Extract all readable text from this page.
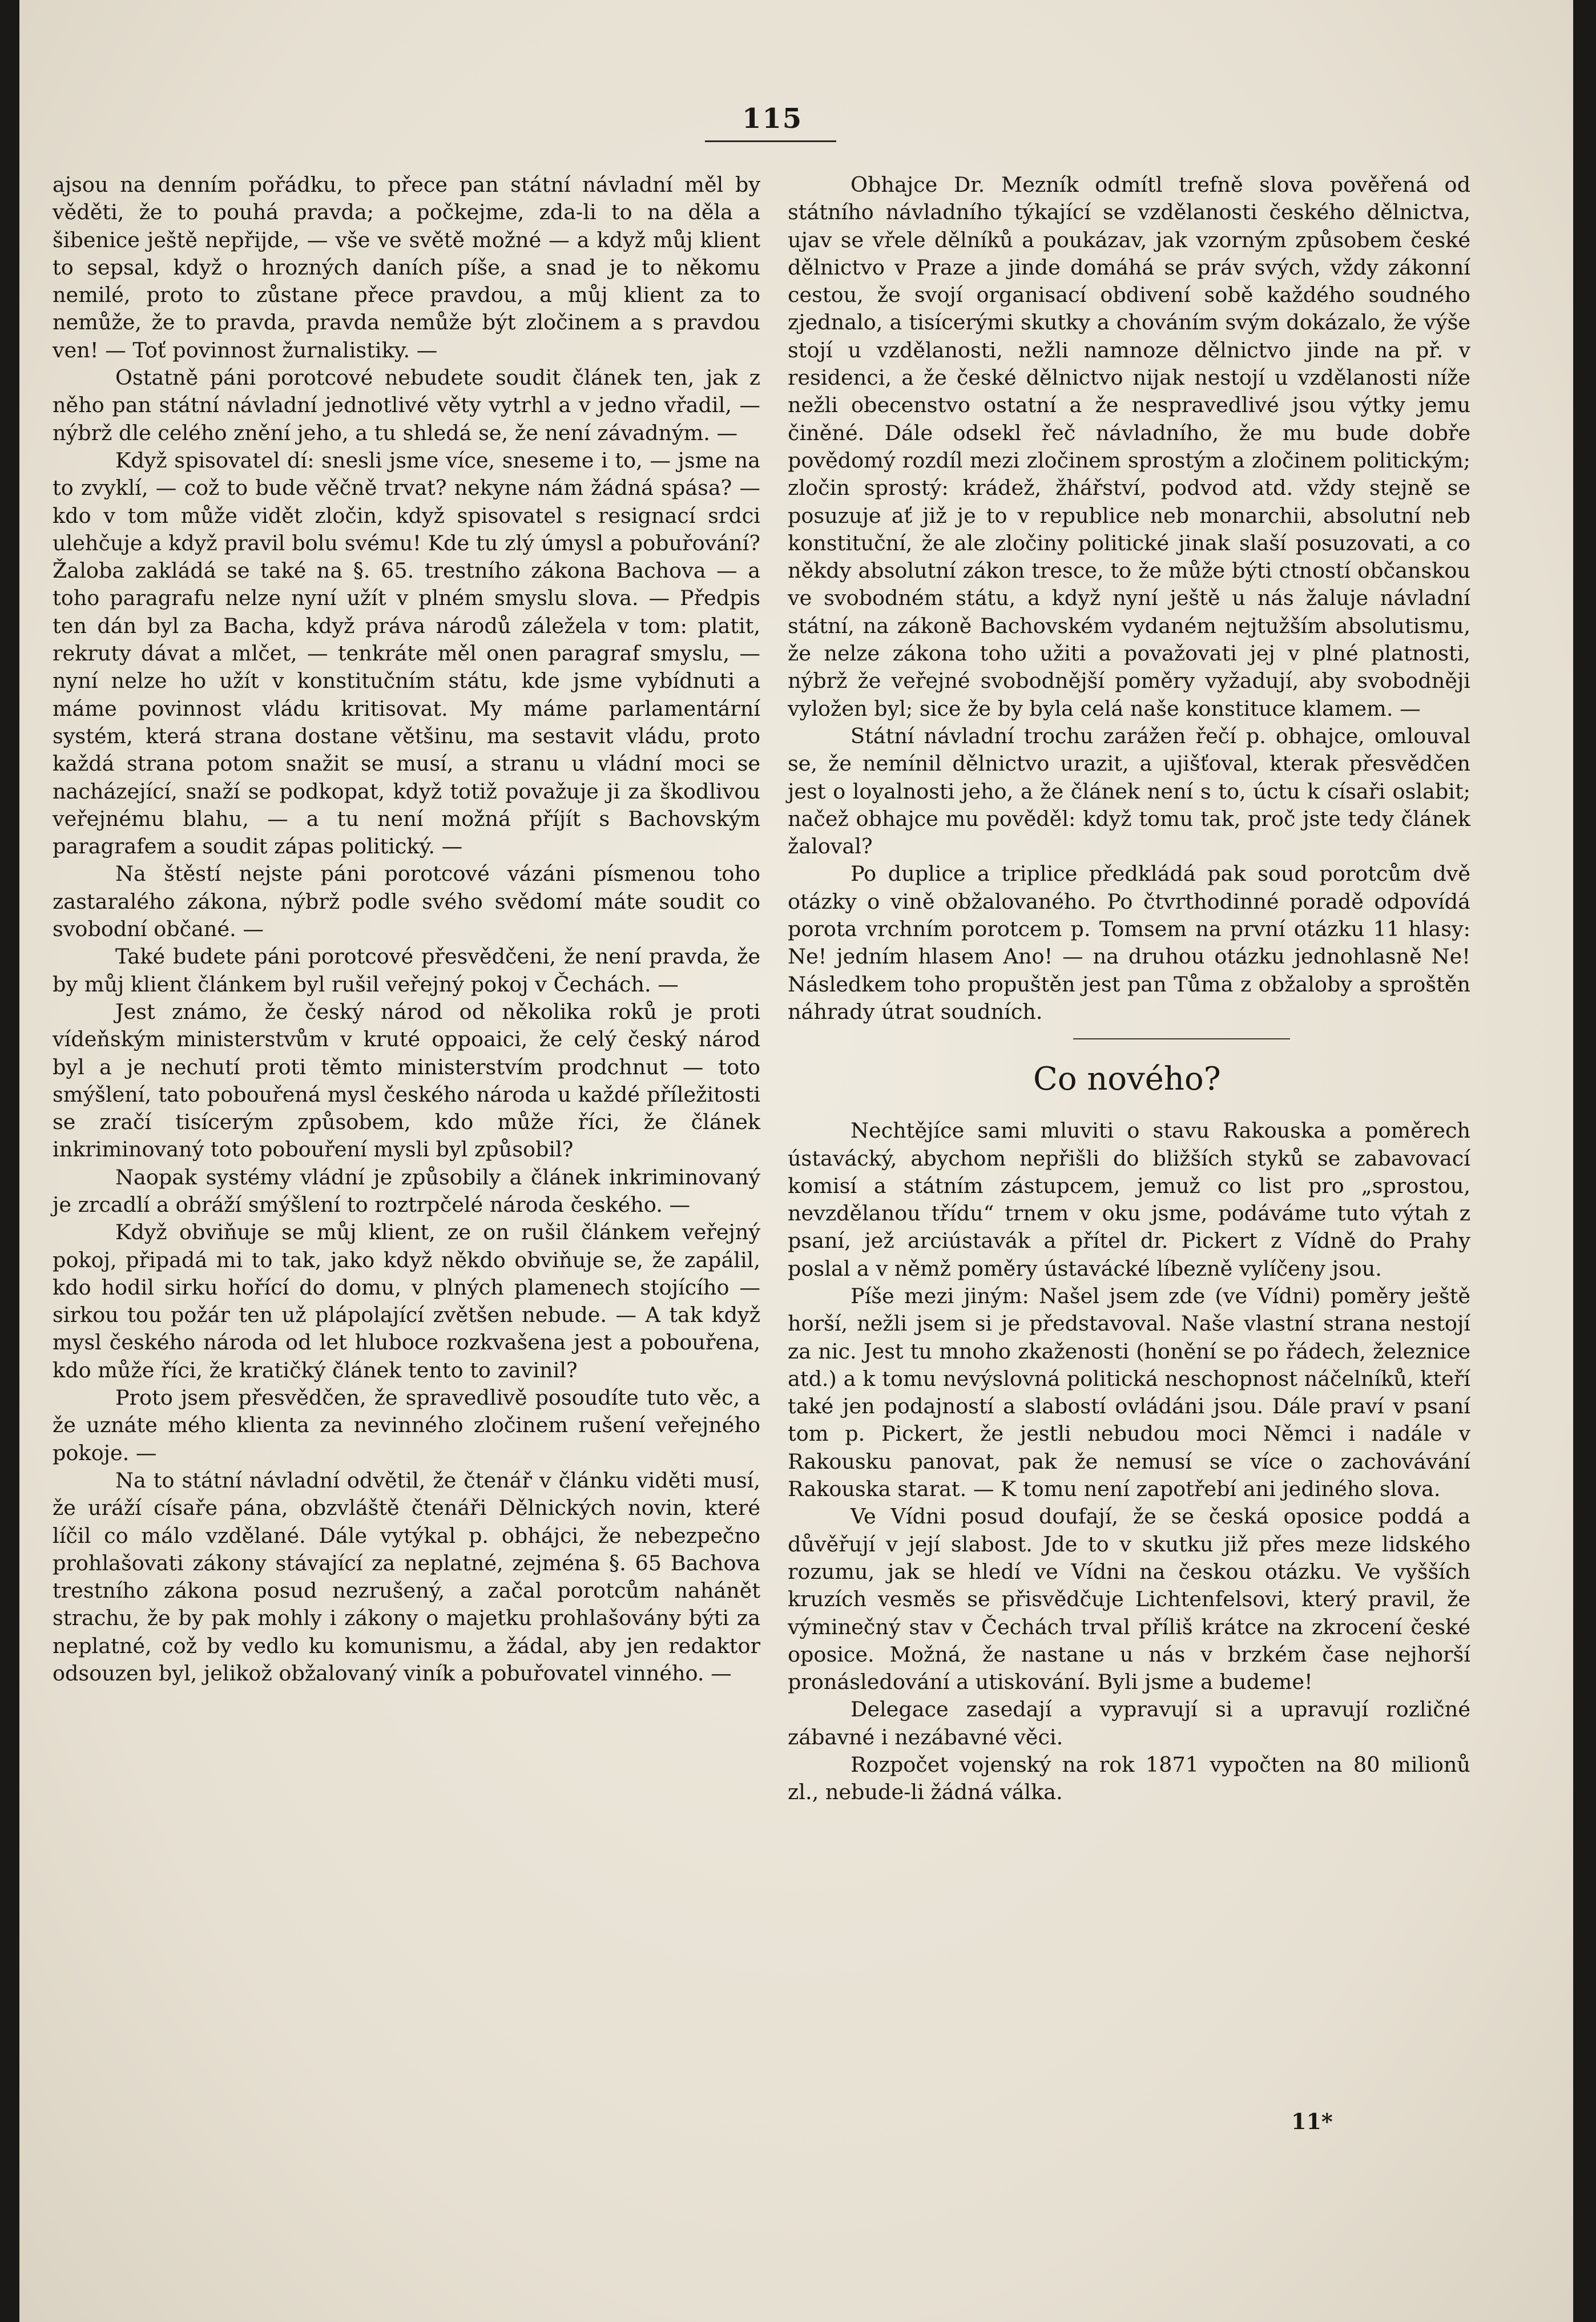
115

ajsou na denním pořádku, to přece pan státní návladní měl by věděti, že to pouhá pravda; a počkejme, zda-li to na děla a šibenice ještě nepřijde, — vše ve světě možné — a když můj klient to sepsal, když o hrozných daních píše, a snad je to někomu nemilé, proto to zůstane přece pravdou, a můj klient za to nemůže, že to pravda, pravda nemůže být zločinem a s pravdou ven! — Toť povinnost žurnalistiky. —

Ostatně páni porotcové nebudete soudit článek ten, jak z něho pan státní návladní jednotlivé věty vytrhl a v jedno vřadil, — nýbrž dle celého znění jeho, a tu shledá se, že není závadným. —

Když spisovatel dí: snesli jsme více, sneseme i to, — jsme na to zvyklí, — což to bude věčně trvat? nekyne nám žádná spása? — kdo v tom může vidět zločin, když spisovatel s resignací srdci ulehčuje a když pravil bolu svému! Kde tu zlý úmysl a pobuřování? Žaloba zakládá se také na §. 65. trestního zákona Bachova — a toho paragrafu nelze nyní užít v plném smyslu slova. — Předpis ten dán byl za Bacha, když práva národů záležela v tom: platit, rekruty dávat a mlčet, — tenkráte měl onen paragraf smyslu, — nyní nelze ho užít v konstitučním státu, kde jsme vybídnuti a máme povinnost vládu kritisovat. My máme parlamentární systém, která strana dostane většinu, ma sestavit vládu, proto každá strana potom snažit se musí, a stranu u vládní moci se nacházející, snaží se podkopat, když totiž považuje ji za škodlivou veřejnému blahu, — a tu není možná příjít s Bachovským paragrafem a soudit zápas politický. —

Na štěstí nejste páni porotcové vázáni písmenou toho zastaralého zákona, nýbrž podle svého svědomí máte soudit co svobodní občané. —

Také budete páni porotcové přesvědčeni, že není pravda, že by můj klient článkem byl rušil veřejný pokoj v Čechách. —

Jest známo, že český národ od několika roků je proti vídeňským ministerstvům v kruté oppoaici, že celý český národ byl a je nechutí proti těmto ministerstvím prodchnut — toto smýšlení, tato pobouřená mysl českého národa u každé příležitosti se zračí tisícerým způsobem, kdo může říci, že článek inkriminovaný toto pobouření mysli byl způsobil?

Naopak systémy vládní je způsobily a článek inkriminovaný je zrcadlí a obráží smýšlení to roztrpčelé národa českého. —

Když obviňuje se můj klient, ze on rušil článkem veřejný pokoj, připadá mi to tak, jako když někdo obviňuje se, že zapálil, kdo hodil sirku hořící do domu, v plných plamenech stojícího — sirkou tou požár ten už plápolající zvětšen nebude. — A tak když mysl českého národa od let hluboce rozkvašena jest a pobouřena, kdo může říci, že kratičký článek tento to zavinil?

Proto jsem přesvědčen, že spravedlivě posoudíte tuto věc, a že uznáte mého klienta za nevinného zločinem rušení veřejného pokoje. —

Na to státní návladní odvětil, že čtenář v článku viděti musí, že uráží císaře pána, obzvláště čtenáři Dělnických novin, které líčil co málo vzdělané. Dále vytýkal p. obhájci, že nebezpečno prohlašovati zákony stávající za neplatné, zejména §. 65 Bachova trestního zákona posud nezrušený, a začal porotcům nahánět strachu, že by pak mohly i zákony o majetku prohlašovány býti za neplatné, což by vedlo ku komunismu, a žádal, aby jen redaktor odsouzen byl, jelikož obžalovaný viník a pobuřovatel vinného. —

Obhajce Dr. Mezník odmítl trefně slova pověřená od státního návladního týkající se vzdělanosti českého dělnictva, ujav se vřele dělníků a poukázav, jak vzorným způsobem české dělnictvo v Praze a jinde domáhá se práv svých, vždy zákonní cestou, že svojí organisací obdivení sobě každého soudného zjednalo, a tisícerými skutky a chováním svým dokázalo, že výše stojí u vzdělanosti, nežli namnoze dělnictvo jinde na př. v residenci, a že české dělnictvo nijak nestojí u vzdělanosti níže nežli obecenstvo ostatní a že nespravedlivé jsou výtky jemu činěné. Dále odsekl řeč návladního, že mu bude dobře povědomý rozdíl mezi zločinem sprostým a zločinem politickým; zločin sprostý: krádež, žhářství, podvod atd. vždy stejně se posuzuje ať již je to v republice neb monarchii, absolutní neb konstituční, že ale zločiny politické jinak slaší posuzovati, a co někdy absolutní zákon tresce, to že může býti ctností občanskou ve svobodném státu, a když nyní ještě u nás žaluje návladní státní, na zákoně Bachovském vydaném nejtužším absolutismu, že nelze zákona toho užiti a považovati jej v plné platnosti, nýbrž že veřejné svobodnější poměry vyžadují, aby svobodněji vyložen byl; sice že by byla celá naše konstituce klamem. —

Státní návladní trochu zarážen řečí p. obhajce, omlouval se, že nemínil dělnictvo urazit, a ujišťoval, kterak přesvědčen jest o loyalnosti jeho, a že článek není s to, úctu k císaři oslabit; načež obhajce mu pověděl: když tomu tak, proč jste tedy článek žaloval?

Po duplice a triplice předkládá pak soud porotcům dvě otázky o vině obžalovaného. Po čtvrthodinné poradě odpovídá porota vrchním porotcem p. Tomsem na první otázku 11 hlasy: Ne! jedním hlasem Ano! — na druhou otázku jednohlasně Ne! Následkem toho propuštěn jest pan Tůma z obžaloby a sproštěn náhrady útrat soudních.

Co nového?

Nechtějíce sami mluviti o stavu Rakouska a poměrech ústavácký, abychom nepřišli do bližších styků se zabavovací komisí a státním zástupcem, jemuž co list pro „sprostou, nevzdělanou třídu“ trnem v oku jsme, podáváme tuto výtah z psaní, jež arciústavák a přítel dr. Pickert z Vídně do Prahy poslal a v němž poměry ústavácké líbezně vylíčeny jsou.

Píše mezi jiným: Našel jsem zde (ve Vídni) poměry ještě horší, nežli jsem si je představoval. Naše vlastní strana nestojí za nic. Jest tu mnoho zkaženosti (honění se po řádech, železnice atd.) a k tomu nevýslovná politická neschopnost náčelníků, kteří také jen podajností a slabostí ovládáni jsou. Dále praví v psaní tom p. Pickert, že jestli nebudou moci Němci i nadále v Rakousku panovat, pak že nemusí se více o zachovávání Rakouska starat. — K tomu není zapotřebí ani jediného slova.

Ve Vídni posud doufají, že se česká oposice poddá a důvěřují v její slabost. Jde to v skutku již přes meze lidského rozumu, jak se hledí ve Vídni na českou otázku. Ve vyšších kruzích vesměs se přisvědčuje Lichtenfelsovi, který pravil, že výminečný stav v Čechách trval příliš krátce na zkrocení české oposice. Možná, že nastane u nás v brzkém čase nejhorší pronásledování a utiskování. Byli jsme a budeme!

Delegace zasedají a vypravují si a upravují rozličné zábavné i nezábavné věci.

Rozpočet vojenský na rok 1871 vypočten na 80 milionů zl., nebude-li žádná válka.

11*
